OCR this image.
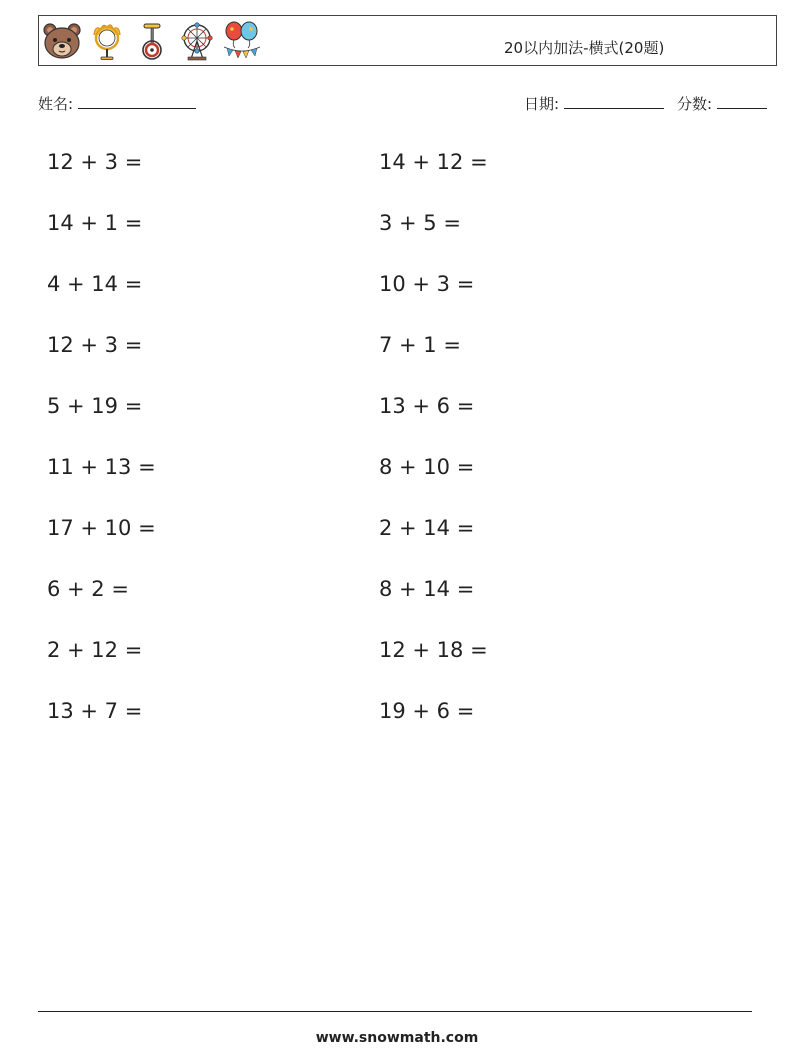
20以内加法-横式(20题)
姓名:	日期:	分数:
12 + 3 =
14 + 1 =
4 + 14 =
12 + 3 =
5 + 19 =
11 + 13 =
17 + 10 =
6 + 2 =
2 + 12 =
13 + 7 =
14 + 12 =
3 + 5 =
10 + 3 =
7 + 1 =
13 + 6 =
8 + 10 =
2 + 14 =
8 + 14 =
12 + 18 =
19 + 6 =
www.snowmath.com
